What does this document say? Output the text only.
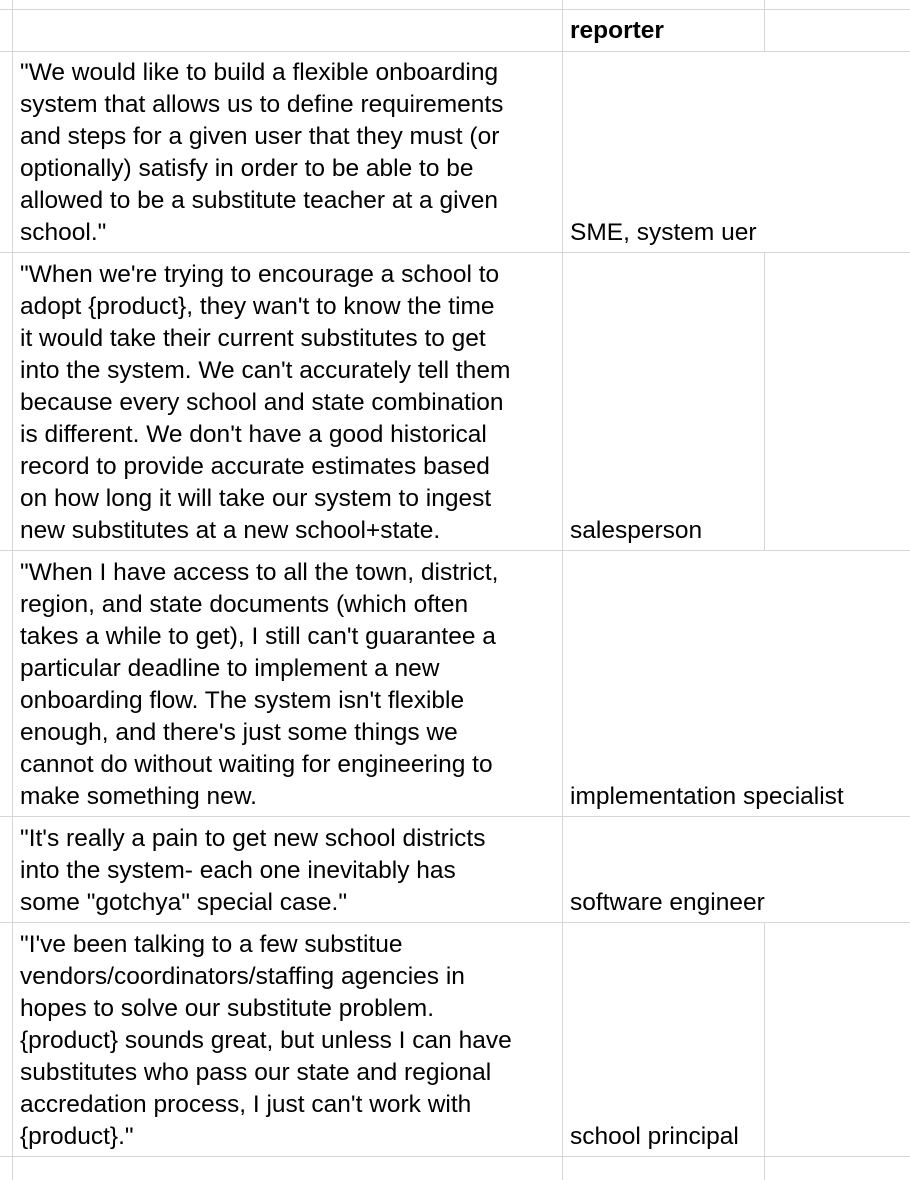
reporter
"We would like to build a flexible onboarding
system that allows us to define requirements
and steps for a given user that they must (or
optionally) satisfy in order to be able to be
allowed to be a substitute teacher at a given
school."	SME, system uer
"When we're trying to encourage a school to
adopt {product}, they wan't to know the time
it would take their current substitutes to get
into the system. We can't accurately tell them
because every school and state combination
is different. We don't have a good historical
record to provide accurate estimates based
on how long it will take our system to ingest
new substitutes at a new school+state.	salesperson
"When I have access to all the town, district,
region, and state documents (which often
takes a while to get), I still can't guarantee a
particular deadline to implement a new
onboarding flow. The system isn't flexible
enough, and there's just some things we
cannot do without waiting for engineering to
make something new.	implementation specialist
"It's really a pain to get new school districts
into the system- each one inevitably has
some "gotchya" special case."	software engineer
"I've been talking to a few substitue
vendors/coordinators/staffing agencies in
hopes to solve our substitute problem.
{product} sounds great, but unless I can have
substitutes who pass our state and regional
accredation process, I just can't work with
{product}."	school principal
